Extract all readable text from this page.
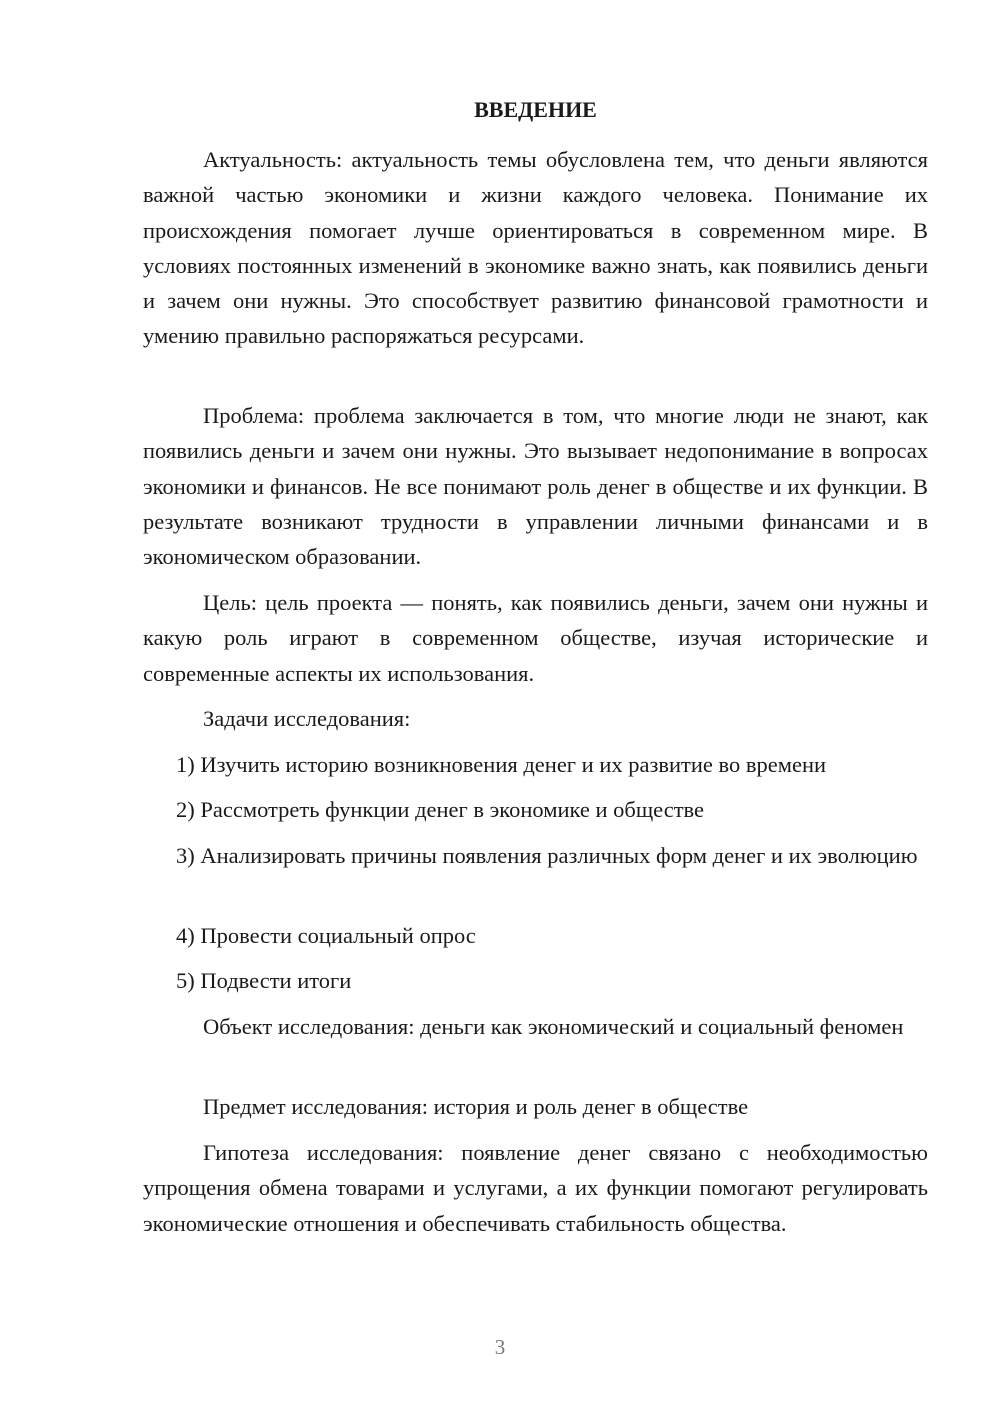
ВВЕДЕНИЕ

Актуальность: актуальность темы обусловлена тем, что деньги являются важной частью экономики и жизни каждого человека. Понимание их происхождения помогает лучше ориентироваться в современном мире. В условиях постоянных изменений в экономике важно знать, как появились деньги и зачем они нужны. Это способствует развитию финансовой грамотности и умению правильно распоряжаться ресурсами.

Проблема: проблема заключается в том, что многие люди не знают, как появились деньги и зачем они нужны. Это вызывает недопонимание в вопросах экономики и финансов. Не все понимают роль денег в обществе и их функции. В результате возникают трудности в управлении личными финансами и в экономическом образовании.

Цель: цель проекта — понять, как появились деньги, зачем они нужны и какую роль играют в современном обществе, изучая исторические и современные аспекты их использования.

Задачи исследования:

1) Изучить историю возникновения денег и их развитие во времени

2) Рассмотреть функции денег в экономике и обществе

3) Анализировать причины появления различных форм денег и их эволюцию

4) Провести социальный опрос

5) Подвести итоги

Объект исследования: деньги как экономический и социальный феномен

Предмет исследования: история и роль денег в обществе

Гипотеза исследования: появление денег связано с необходимостью упрощения обмена товарами и услугами, а их функции помогают регулировать экономические отношения и обеспечивать стабильность общества.

3
